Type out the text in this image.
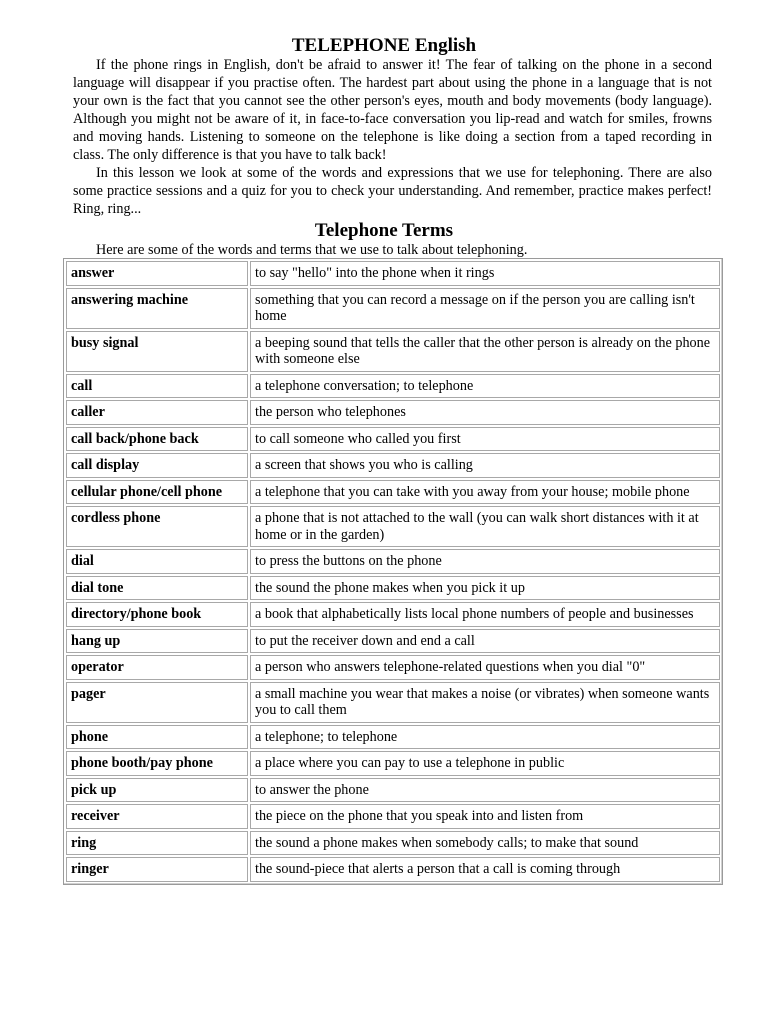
TELEPHONE English

If the phone rings in English, don't be afraid to answer it! The fear of talking on the phone in a second language will disappear if you practise often. The hardest part about using the phone in a language that is not your own is the fact that you cannot see the other person's eyes, mouth and body movements (body language). Although you might not be aware of it, in face-to-face conversation you lip-read and watch for smiles, frowns and moving hands. Listening to someone on the telephone is like doing a section from a taped recording in class. The only difference is that you have to talk back!

In this lesson we look at some of the words and expressions that we use for telephoning. There are also some practice sessions and a quiz for you to check your understanding. And remember, practice makes perfect! Ring, ring...

Telephone Terms

Here are some of the words and terms that we use to talk about telephoning.

answer	to say "hello" into the phone when it rings
answering machine	something that you can record a message on if the person you are calling isn't home
busy signal	a beeping sound that tells the caller that the other person is already on the phone with someone else
call	a telephone conversation; to telephone
caller	the person who telephones
call back/phone back	to call someone who called you first
call display	a screen that shows you who is calling
cellular phone/cell phone	a telephone that you can take with you away from your house; mobile phone
cordless phone	a phone that is not attached to the wall (you can walk short distances with it at home or in the garden)
dial	to press the buttons on the phone
dial tone	the sound the phone makes when you pick it up
directory/phone book	a book that alphabetically lists local phone numbers of people and businesses
hang up	to put the receiver down and end a call
operator	a person who answers telephone-related questions when you dial "0"
pager	a small machine you wear that makes a noise (or vibrates) when someone wants you to call them
phone	a telephone; to telephone
phone booth/pay phone	a place where you can pay to use a telephone in public
pick up	to answer the phone
receiver	the piece on the phone that you speak into and listen from
ring	the sound a phone makes when somebody calls; to make that sound
ringer	the sound-piece that alerts a person that a call is coming through
